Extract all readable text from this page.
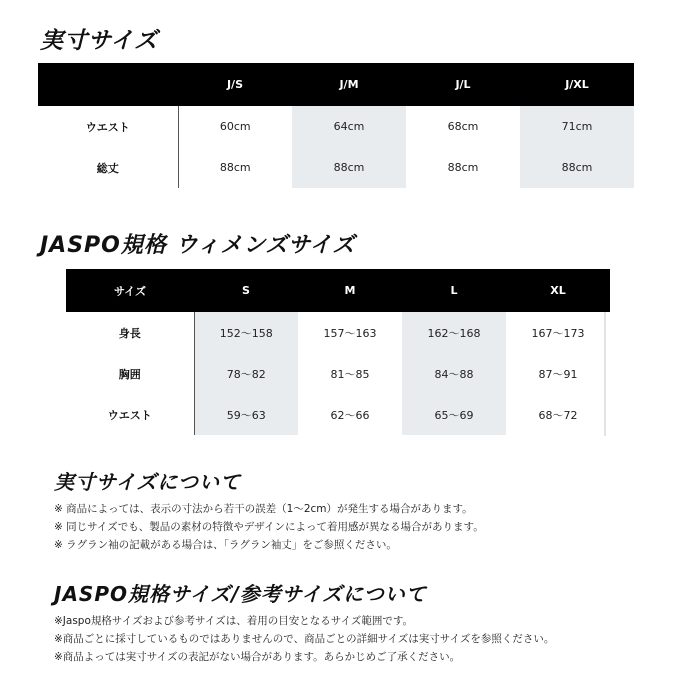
実寸サイズ
	J/S	J/M	J/L	J/XL
ウエスト	60cm	64cm	68cm	71cm
総丈	88cm	88cm	88cm	88cm
JASPO規格 ウィメンズサイズ
サイズ	S	M	L	XL
身長	152〜158	157〜163	162〜168	167〜173
胸囲	78〜82	81〜85	84〜88	87〜91
ウエスト	59〜63	62〜66	65〜69	68〜72
実寸サイズについて
※ 商品によっては、表示の寸法から若干の誤差（1〜2cm）が発生する場合があります。
※ 同じサイズでも、製品の素材の特徴やデザインによって着用感が異なる場合があります。
※ ラグラン袖の記載がある場合は、「ラグラン袖丈」をご参照ください。
JASPO規格サイズ/参考サイズについて
※Jaspo規格サイズおよび参考サイズは、着用の目安となるサイズ範囲です。
※商品ごとに採寸しているものではありませんので、商品ごとの詳細サイズは実寸サイズを参照ください。
※商品よっては実寸サイズの表記がない場合があります。あらかじめご了承ください。
